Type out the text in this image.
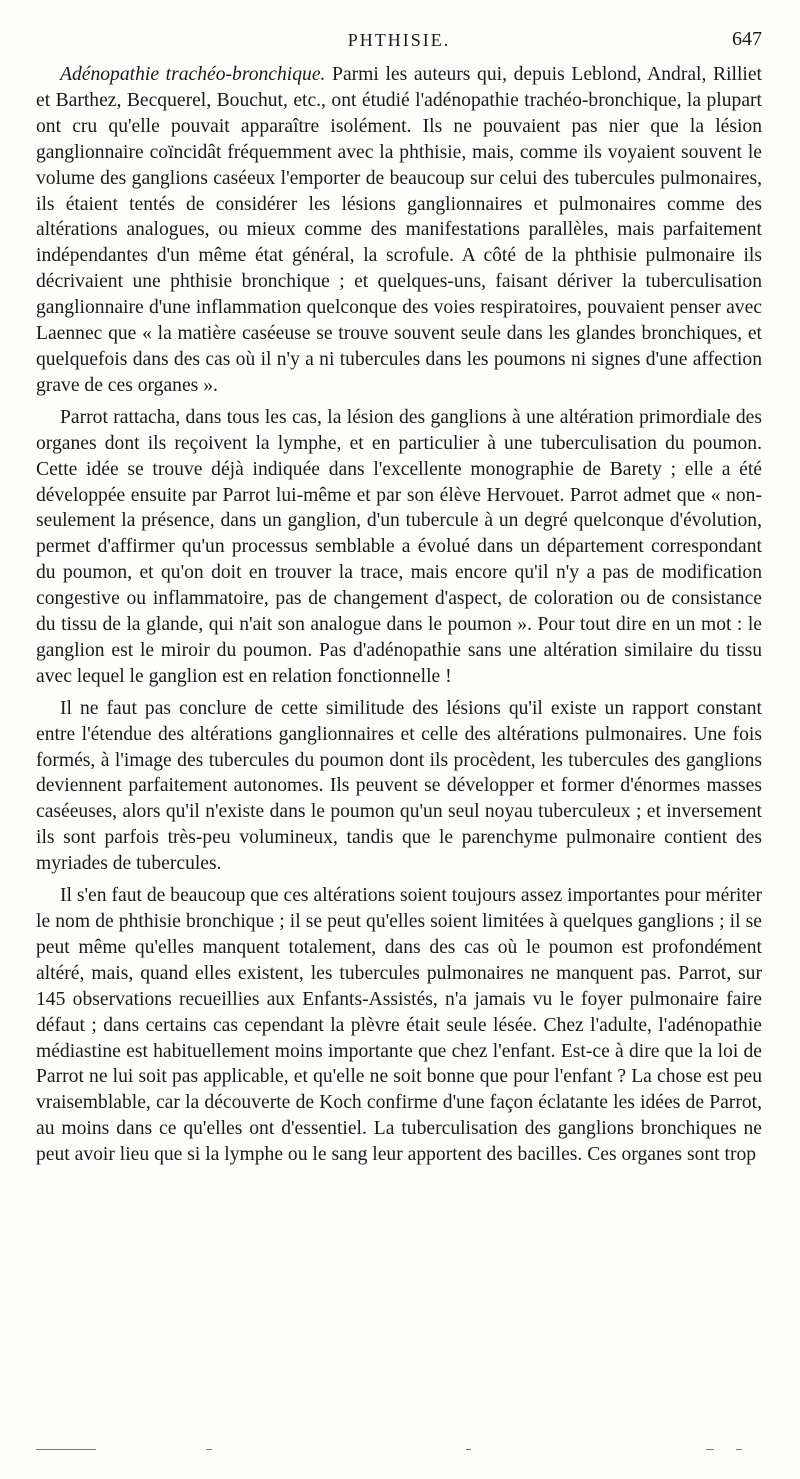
PHTHISIE.	647

Adénopathie trachéo-bronchique. Parmi les auteurs qui, depuis Leblond, Andral, Rilliet et Barthez, Becquerel, Bouchut, etc., ont étudié l'adénopathie trachéo-bronchique, la plupart ont cru qu'elle pouvait apparaître isolément. Ils ne pouvaient pas nier que la lésion ganglionnaire coïncidât fréquemment avec la phthisie, mais, comme ils voyaient souvent le volume des ganglions caséeux l'emporter de beaucoup sur celui des tubercules pulmonaires, ils étaient tentés de considérer les lésions ganglionnaires et pulmonaires comme des altérations analogues, ou mieux comme des manifestations parallèles, mais parfaitement indépendantes d'un même état général, la scrofule. A côté de la phthisie pulmonaire ils décrivaient une phthisie bronchique ; et quelques-uns, faisant dériver la tuberculisation ganglionnaire d'une inflammation quelconque des voies respiratoires, pouvaient penser avec Laennec que « la matière caséeuse se trouve souvent seule dans les glandes bronchiques, et quelquefois dans des cas où il n'y a ni tubercules dans les poumons ni signes d'une affection grave de ces organes ».

Parrot rattacha, dans tous les cas, la lésion des ganglions à une altération primordiale des organes dont ils reçoivent la lymphe, et en particulier à une tuberculisation du poumon. Cette idée se trouve déjà indiquée dans l'excellente monographie de Barety ; elle a été développée ensuite par Parrot lui-même et par son élève Hervouet. Parrot admet que « non-seulement la présence, dans un ganglion, d'un tubercule à un degré quelconque d'évolution, permet d'affirmer qu'un processus semblable a évolué dans un département correspondant du poumon, et qu'on doit en trouver la trace, mais encore qu'il n'y a pas de modification congestive ou inflammatoire, pas de changement d'aspect, de coloration ou de consistance du tissu de la glande, qui n'ait son analogue dans le poumon ». Pour tout dire en un mot : le ganglion est le miroir du poumon. Pas d'adénopathie sans une altération similaire du tissu avec lequel le ganglion est en relation fonctionnelle !

Il ne faut pas conclure de cette similitude des lésions qu'il existe un rapport constant entre l'étendue des altérations ganglionnaires et celle des altérations pulmonaires. Une fois formés, à l'image des tubercules du poumon dont ils procèdent, les tubercules des ganglions deviennent parfaitement autonomes. Ils peuvent se développer et former d'énormes masses caséeuses, alors qu'il n'existe dans le poumon qu'un seul noyau tuberculeux ; et inversement ils sont parfois très-peu volumineux, tandis que le parenchyme pulmonaire contient des myriades de tubercules.

Il s'en faut de beaucoup que ces altérations soient toujours assez importantes pour mériter le nom de phthisie bronchique ; il se peut qu'elles soient limitées à quelques ganglions ; il se peut même qu'elles manquent totalement, dans des cas où le poumon est profondément altéré, mais, quand elles existent, les tubercules pulmonaires ne manquent pas. Parrot, sur 145 observations recueillies aux Enfants-Assistés, n'a jamais vu le foyer pulmonaire faire défaut ; dans certains cas cependant la plèvre était seule lésée. Chez l'adulte, l'adénopathie médiastine est habituellement moins importante que chez l'enfant. Est-ce à dire que la loi de Parrot ne lui soit pas applicable, et qu'elle ne soit bonne que pour l'enfant ? La chose est peu vraisemblable, car la découverte de Koch confirme d'une façon éclatante les idées de Parrot, au moins dans ce qu'elles ont d'essentiel. La tuberculisation des ganglions bronchiques ne peut avoir lieu que si la lymphe ou le sang leur apportent des bacilles. Ces organes sont trop
